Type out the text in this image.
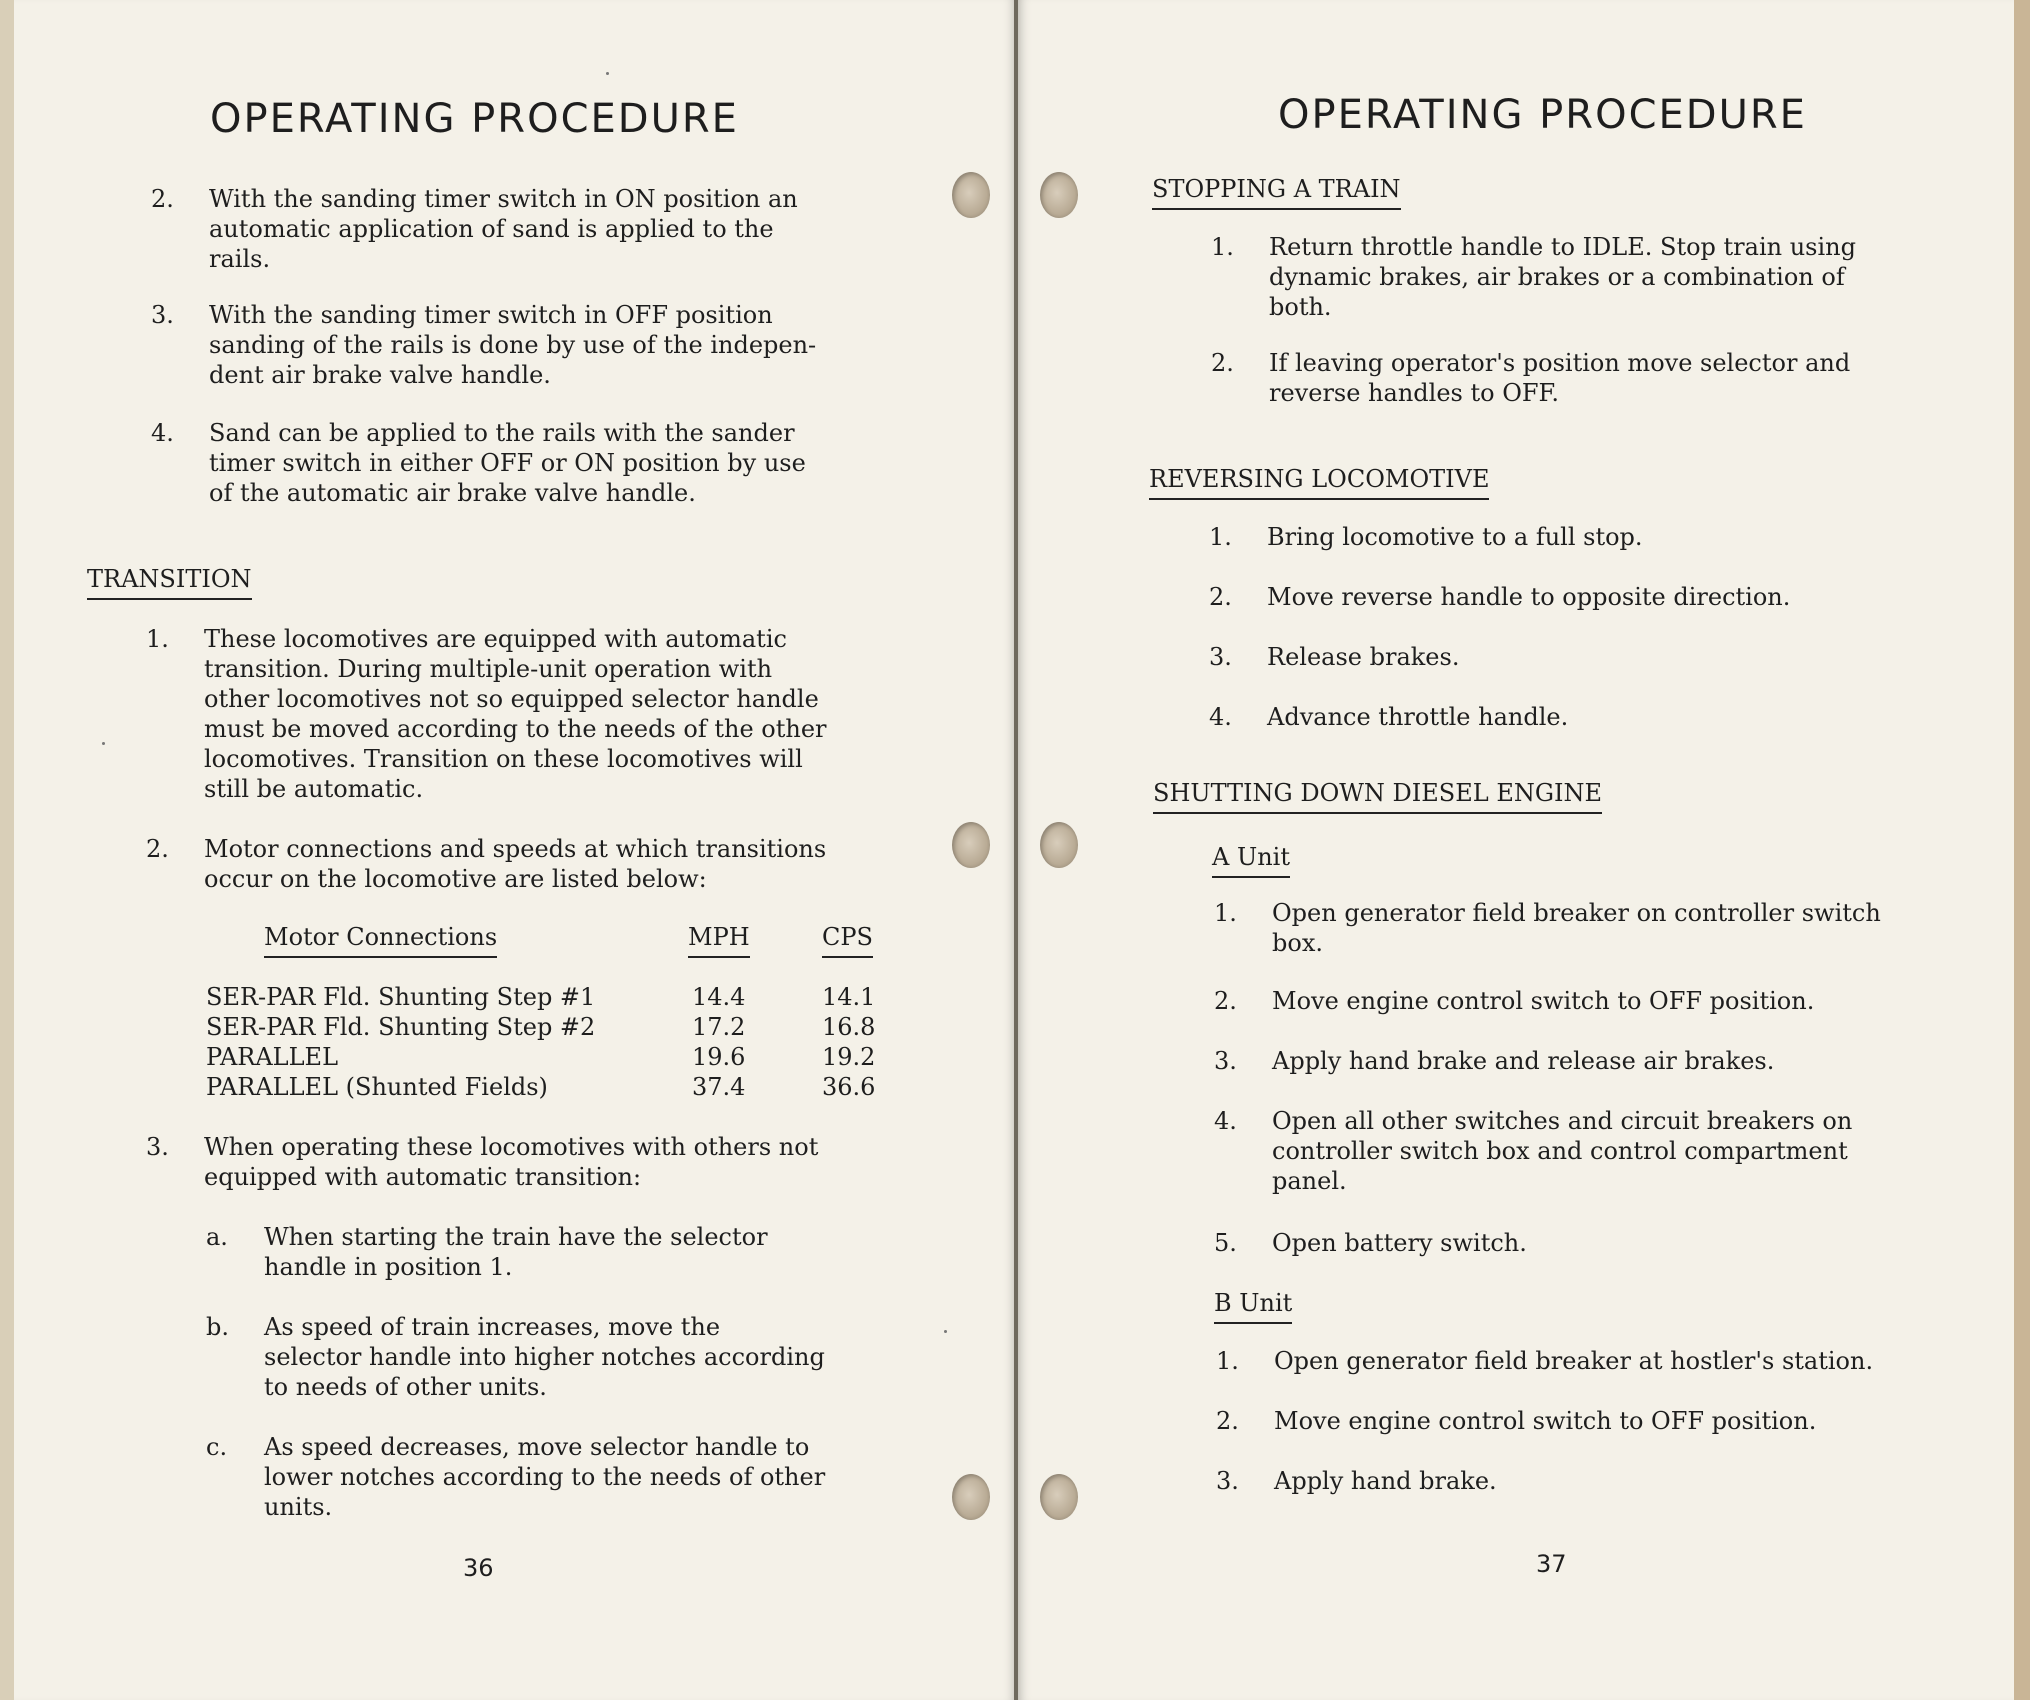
OPERATING PROCEDURE
2. With the sanding timer switch in ON position an
automatic application of sand is applied to the
rails.
3. With the sanding timer switch in OFF position
sanding of the rails is done by use of the indepen-
dent air brake valve handle.
4. Sand can be applied to the rails with the sander
timer switch in either OFF or ON position by use
of the automatic air brake valve handle.
TRANSITION
1. These locomotives are equipped with automatic
transition. During multiple-unit operation with
other locomotives not so equipped selector handle
must be moved according to the needs of the other
locomotives. Transition on these locomotives will
still be automatic.
2. Motor connections and speeds at which transitions
occur on the locomotive are listed below:
Motor Connections	MPH	CPS
SER-PAR Fld. Shunting Step #1	14.4	14.1
SER-PAR Fld. Shunting Step #2	17.2	16.8
PARALLEL	19.6	19.2
PARALLEL (Shunted Fields)	37.4	36.6
3. When operating these locomotives with others not
equipped with automatic transition:
a. When starting the train have the selector
handle in position 1.
b. As speed of train increases, move the
selector handle into higher notches according
to needs of other units.
c. As speed decreases, move selector handle to
lower notches according to the needs of other
units.
36
OPERATING PROCEDURE
STOPPING A TRAIN
1. Return throttle handle to IDLE. Stop train using
dynamic brakes, air brakes or a combination of
both.
2. If leaving operator's position move selector and
reverse handles to OFF.
REVERSING LOCOMOTIVE
1. Bring locomotive to a full stop.
2. Move reverse handle to opposite direction.
3. Release brakes.
4. Advance throttle handle.
SHUTTING DOWN DIESEL ENGINE
A Unit
1. Open generator field breaker on controller switch
box.
2. Move engine control switch to OFF position.
3. Apply hand brake and release air brakes.
4. Open all other switches and circuit breakers on
controller switch box and control compartment
panel.
5. Open battery switch.
B Unit
1. Open generator field breaker at hostler's station.
2. Move engine control switch to OFF position.
3. Apply hand brake.
37
